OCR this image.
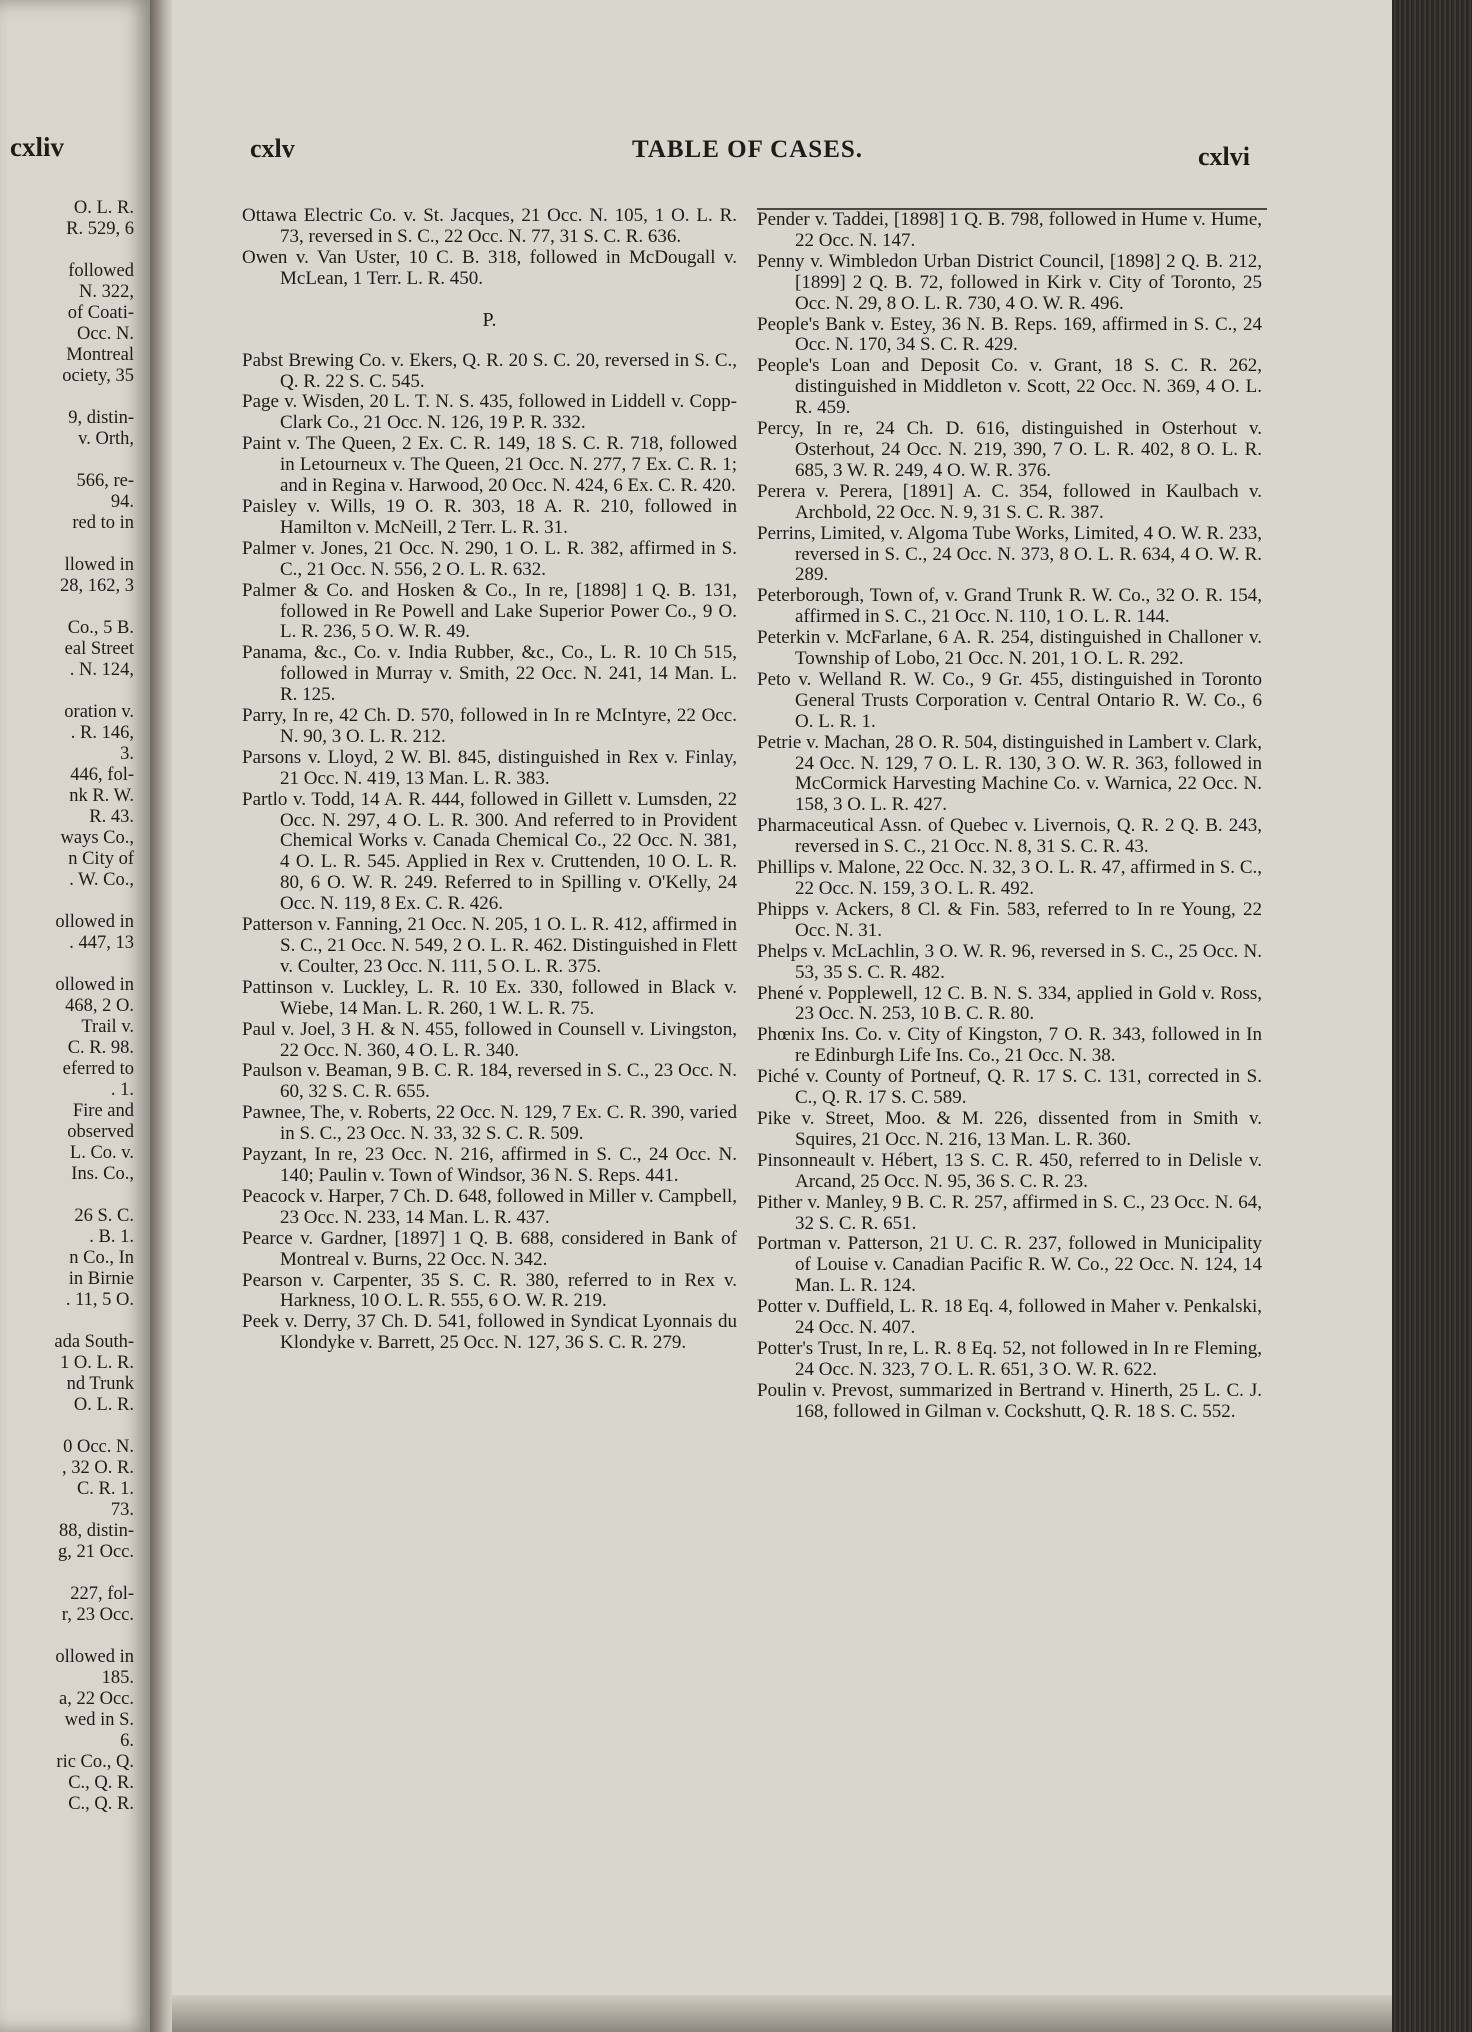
cxliv
O. L. R.
R. 529, 6
followed
N. 322,
of Coati-
Occ. N.
Montreal
ociety, 35
9, distin-
v. Orth,
566, re-
94.
red to in
llowed in
28, 162, 3
Co., 5 B.
eal Street
. N. 124,
oration v.
. R. 146,
3.
446, fol-
nk R. W.
R. 43.
ways Co.,
n City of
. W. Co.,
ollowed in
. 447, 13
ollowed in
468, 2 O.
Trail v.
C. R. 98.
eferred to
. 1.
Fire and
observed
L. Co. v.
Ins. Co.,
26 S. C.
. B. 1.
n Co., In
in Birnie
. 11, 5 O.
ada South-
1 O. L. R.
nd Trunk
O. L. R.
0 Occ. N.
, 32 O. R.
C. R. 1.
73.
88, distin-
g, 21 Occ.
227, fol-
r, 23 Occ.
ollowed in
185.
a, 22 Occ.
wed in S.
6.
ric Co., Q.
C., Q. R.
C., Q. R.
cxlv	TABLE OF CASES.	cxlvi
Ottawa Electric Co. v. St. Jacques, 21 Occ. N. 105, 1 O. L. R. 73, reversed in S. C., 22 Occ. N. 77, 31 S. C. R. 636.
Owen v. Van Uster, 10 C. B. 318, followed in McDougall v. McLean, 1 Terr. L. R. 450.
P.
Pabst Brewing Co. v. Ekers, Q. R. 20 S. C. 20, reversed in S. C., Q. R. 22 S. C. 545.
Page v. Wisden, 20 L. T. N. S. 435, followed in Liddell v. Copp-Clark Co., 21 Occ. N. 126, 19 P. R. 332.
Paint v. The Queen, 2 Ex. C. R. 149, 18 S. C. R. 718, followed in Letourneux v. The Queen, 21 Occ. N. 277, 7 Ex. C. R. 1; and in Regina v. Harwood, 20 Occ. N. 424, 6 Ex. C. R. 420.
Paisley v. Wills, 19 O. R. 303, 18 A. R. 210, followed in Hamilton v. McNeill, 2 Terr. L. R. 31.
Palmer v. Jones, 21 Occ. N. 290, 1 O. L. R. 382, affirmed in S. C., 21 Occ. N. 556, 2 O. L. R. 632.
Palmer & Co. and Hosken & Co., In re, [1898] 1 Q. B. 131, followed in Re Powell and Lake Superior Power Co., 9 O. L. R. 236, 5 O. W. R. 49.
Panama, &c., Co. v. India Rubber, &c., Co., L. R. 10 Ch 515, followed in Murray v. Smith, 22 Occ. N. 241, 14 Man. L. R. 125.
Parry, In re, 42 Ch. D. 570, followed in In re McIntyre, 22 Occ. N. 90, 3 O. L. R. 212.
Parsons v. Lloyd, 2 W. Bl. 845, distinguished in Rex v. Finlay, 21 Occ. N. 419, 13 Man. L. R. 383.
Partlo v. Todd, 14 A. R. 444, followed in Gillett v. Lumsden, 22 Occ. N. 297, 4 O. L. R. 300. And referred to in Provident Chemical Works v. Canada Chemical Co., 22 Occ. N. 381, 4 O. L. R. 545. Applied in Rex v. Cruttenden, 10 O. L. R. 80, 6 O. W. R. 249. Referred to in Spilling v. O'Kelly, 24 Occ. N. 119, 8 Ex. C. R. 426.
Patterson v. Fanning, 21 Occ. N. 205, 1 O. L. R. 412, affirmed in S. C., 21 Occ. N. 549, 2 O. L. R. 462. Distinguished in Flett v. Coulter, 23 Occ. N. 111, 5 O. L. R. 375.
Pattinson v. Luckley, L. R. 10 Ex. 330, followed in Black v. Wiebe, 14 Man. L. R. 260, 1 W. L. R. 75.
Paul v. Joel, 3 H. & N. 455, followed in Counsell v. Livingston, 22 Occ. N. 360, 4 O. L. R. 340.
Paulson v. Beaman, 9 B. C. R. 184, reversed in S. C., 23 Occ. N. 60, 32 S. C. R. 655.
Pawnee, The, v. Roberts, 22 Occ. N. 129, 7 Ex. C. R. 390, varied in S. C., 23 Occ. N. 33, 32 S. C. R. 509.
Payzant, In re, 23 Occ. N. 216, affirmed in S. C., 24 Occ. N. 140; Paulin v. Town of Windsor, 36 N. S. Reps. 441.
Peacock v. Harper, 7 Ch. D. 648, followed in Miller v. Campbell, 23 Occ. N. 233, 14 Man. L. R. 437.
Pearce v. Gardner, [1897] 1 Q. B. 688, considered in Bank of Montreal v. Burns, 22 Occ. N. 342.
Pearson v. Carpenter, 35 S. C. R. 380, referred to in Rex v. Harkness, 10 O. L. R. 555, 6 O. W. R. 219.
Peek v. Derry, 37 Ch. D. 541, followed in Syndicat Lyonnais du Klondyke v. Barrett, 25 Occ. N. 127, 36 S. C. R. 279.
Pender v. Taddei, [1898] 1 Q. B. 798, followed in Hume v. Hume, 22 Occ. N. 147.
Penny v. Wimbledon Urban District Council, [1898] 2 Q. B. 212, [1899] 2 Q. B. 72, followed in Kirk v. City of Toronto, 25 Occ. N. 29, 8 O. L. R. 730, 4 O. W. R. 496.
People's Bank v. Estey, 36 N. B. Reps. 169, affirmed in S. C., 24 Occ. N. 170, 34 S. C. R. 429.
People's Loan and Deposit Co. v. Grant, 18 S. C. R. 262, distinguished in Middleton v. Scott, 22 Occ. N. 369, 4 O. L. R. 459.
Percy, In re, 24 Ch. D. 616, distinguished in Osterhout v. Osterhout, 24 Occ. N. 219, 390, 7 O. L. R. 402, 8 O. L. R. 685, 3 W. R. 249, 4 O. W. R. 376.
Perera v. Perera, [1891] A. C. 354, followed in Kaulbach v. Archbold, 22 Occ. N. 9, 31 S. C. R. 387.
Perrins, Limited, v. Algoma Tube Works, Limited, 4 O. W. R. 233, reversed in S. C., 24 Occ. N. 373, 8 O. L. R. 634, 4 O. W. R. 289.
Peterborough, Town of, v. Grand Trunk R. W. Co., 32 O. R. 154, affirmed in S. C., 21 Occ. N. 110, 1 O. L. R. 144.
Peterkin v. McFarlane, 6 A. R. 254, distinguished in Challoner v. Township of Lobo, 21 Occ. N. 201, 1 O. L. R. 292.
Peto v. Welland R. W. Co., 9 Gr. 455, distinguished in Toronto General Trusts Corporation v. Central Ontario R. W. Co., 6 O. L. R. 1.
Petrie v. Machan, 28 O. R. 504, distinguished in Lambert v. Clark, 24 Occ. N. 129, 7 O. L. R. 130, 3 O. W. R. 363, followed in McCormick Harvesting Machine Co. v. Warnica, 22 Occ. N. 158, 3 O. L. R. 427.
Pharmaceutical Assn. of Quebec v. Livernois, Q. R. 2 Q. B. 243, reversed in S. C., 21 Occ. N. 8, 31 S. C. R. 43.
Phillips v. Malone, 22 Occ. N. 32, 3 O. L. R. 47, affirmed in S. C., 22 Occ. N. 159, 3 O. L. R. 492.
Phipps v. Ackers, 8 Cl. & Fin. 583, referred to In re Young, 22 Occ. N. 31.
Phelps v. McLachlin, 3 O. W. R. 96, reversed in S. C., 25 Occ. N. 53, 35 S. C. R. 482.
Phené v. Popplewell, 12 C. B. N. S. 334, applied in Gold v. Ross, 23 Occ. N. 253, 10 B. C. R. 80.
Phœnix Ins. Co. v. City of Kingston, 7 O. R. 343, followed in In re Edinburgh Life Ins. Co., 21 Occ. N. 38.
Piché v. County of Portneuf, Q. R. 17 S. C. 131, corrected in S. C., Q. R. 17 S. C. 589.
Pike v. Street, Moo. & M. 226, dissented from in Smith v. Squires, 21 Occ. N. 216, 13 Man. L. R. 360.
Pinsonneault v. Hébert, 13 S. C. R. 450, referred to in Delisle v. Arcand, 25 Occ. N. 95, 36 S. C. R. 23.
Pither v. Manley, 9 B. C. R. 257, affirmed in S. C., 23 Occ. N. 64, 32 S. C. R. 651.
Portman v. Patterson, 21 U. C. R. 237, followed in Municipality of Louise v. Canadian Pacific R. W. Co., 22 Occ. N. 124, 14 Man. L. R. 124.
Potter v. Duffield, L. R. 18 Eq. 4, followed in Maher v. Penkalski, 24 Occ. N. 407.
Potter's Trust, In re, L. R. 8 Eq. 52, not followed in In re Fleming, 24 Occ. N. 323, 7 O. L. R. 651, 3 O. W. R. 622.
Poulin v. Prevost, summarized in Bertrand v. Hinerth, 25 L. C. J. 168, followed in Gilman v. Cockshutt, Q. R. 18 S. C. 552.
